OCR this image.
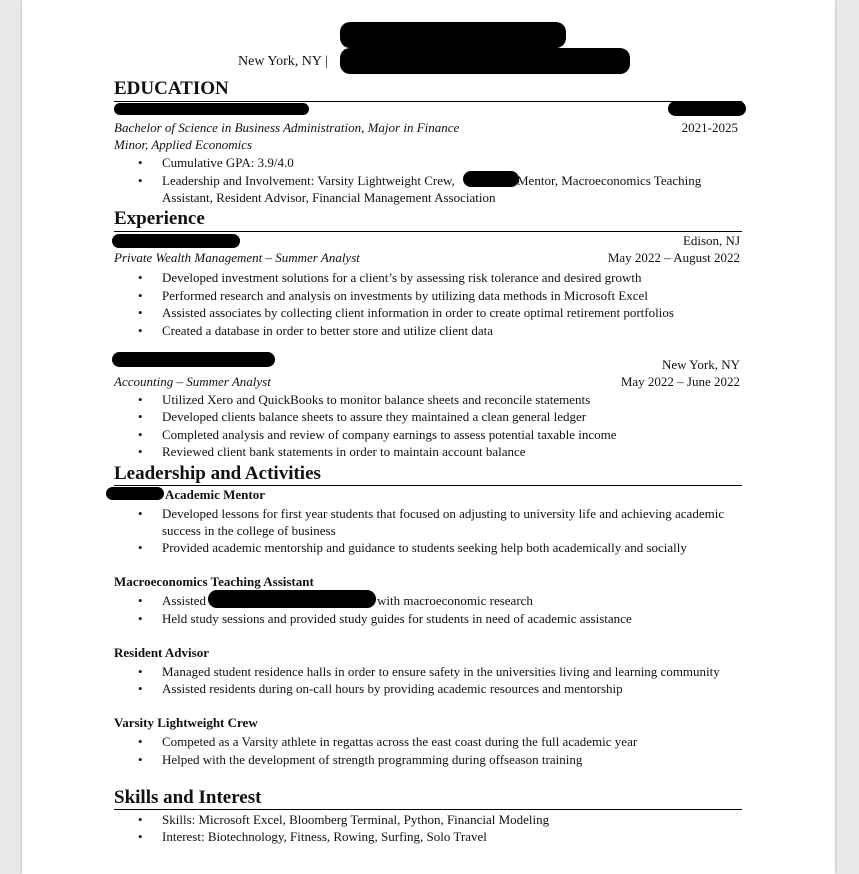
New York, NY |
EDUCATION
Bachelor of Science in Business Administration, Major in Finance	2021-2025
Minor, Applied Economics
• Cumulative GPA: 3.9/4.0
• Leadership and Involvement: Varsity Lightweight Crew,	Mentor, Macroeconomics Teaching
Assistant, Resident Advisor, Financial Management Association
Experience
Edison, NJ
Private Wealth Management – Summer Analyst	May 2022 – August 2022
• Developed investment solutions for a client’s by assessing risk tolerance and desired growth
• Performed research and analysis on investments by utilizing data methods in Microsoft Excel
• Assisted associates by collecting client information in order to create optimal retirement portfolios
• Created a database in order to better store and utilize client data
New York, NY
Accounting – Summer Analyst	May 2022 – June 2022
• Utilized Xero and QuickBooks to monitor balance sheets and reconcile statements
• Developed clients balance sheets to assure they maintained a clean general ledger
• Completed analysis and review of company earnings to assess potential taxable income
• Reviewed client bank statements in order to maintain account balance
Leadership and Activities
Academic Mentor
• Developed lessons for first year students that focused on adjusting to university life and achieving academic
success in the college of business
• Provided academic mentorship and guidance to students seeking help both academically and socially
Macroeconomics Teaching Assistant
• Assisted	with macroeconomic research
• Held study sessions and provided study guides for students in need of academic assistance
Resident Advisor
• Managed student residence halls in order to ensure safety in the universities living and learning community
• Assisted residents during on-call hours by providing academic resources and mentorship
Varsity Lightweight Crew
• Competed as a Varsity athlete in regattas across the east coast during the full academic year
• Helped with the development of strength programming during offseason training
Skills and Interest
• Skills: Microsoft Excel, Bloomberg Terminal, Python, Financial Modeling
• Interest: Biotechnology, Fitness, Rowing, Surfing, Solo Travel
